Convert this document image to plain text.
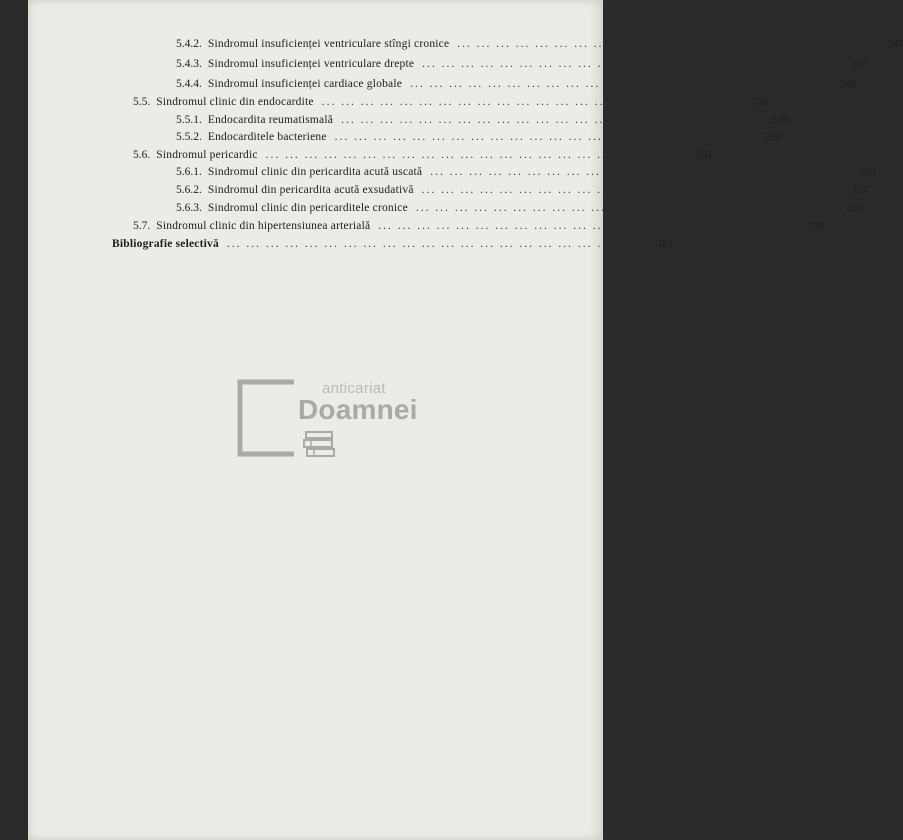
5.4.2. Sindromul insuficienței ventriculare stîngi cronice ... ... ... ... ... ... ... ... ... ... ... ... ... ... ... ... ... ... ... ... ... ... 247
5.4.3. Sindromul insuficienței ventriculare drepte ... ... ... ... ... ... ... ... ... ... ... ... ... ... ... ... ... ... ... ... ... ... 247
5.4.4. Sindromul insuficienței cardiace globale ... ... ... ... ... ... ... ... ... ... ... ... ... ... ... ... ... ... ... ... ... ... 248
5.5. Sindromul clinic din endocardite ... ... ... ... ... ... ... ... ... ... ... ... ... ... ... ... ... ... ... ... ... ... 248
5.5.1. Endocardita reumatismală ... ... ... ... ... ... ... ... ... ... ... ... ... ... ... ... ... ... ... ... ... ... 249
5.5.2. Endocarditele bacteriene ... ... ... ... ... ... ... ... ... ... ... ... ... ... ... ... ... ... ... ... ... ... 250
5.6. Sindromul pericardic ... ... ... ... ... ... ... ... ... ... ... ... ... ... ... ... ... ... ... ... ... ... 253
5.6.1. Sindromul clinic din pericardita acută uscată ... ... ... ... ... ... ... ... ... ... ... ... ... ... ... ... ... ... ... ... ... ... 254
5.6.2. Sindromul din pericardita acută exsudativă ... ... ... ... ... ... ... ... ... ... ... ... ... ... ... ... ... ... ... ... ... ... 254
5.6.3. Sindromul clinic din pericarditele cronice ... ... ... ... ... ... ... ... ... ... ... ... ... ... ... ... ... ... ... ... ... ... 256
5.7. Sindromul clinic din hipertensiunea arterială ... ... ... ... ... ... ... ... ... ... ... ... ... ... ... ... ... ... ... ... ... ... 258
Bibliografie selectivă ... ... ... ... ... ... ... ... ... ... ... ... ... ... ... ... ... ... ... ... ... ... 263
anticariat
Doamnei
